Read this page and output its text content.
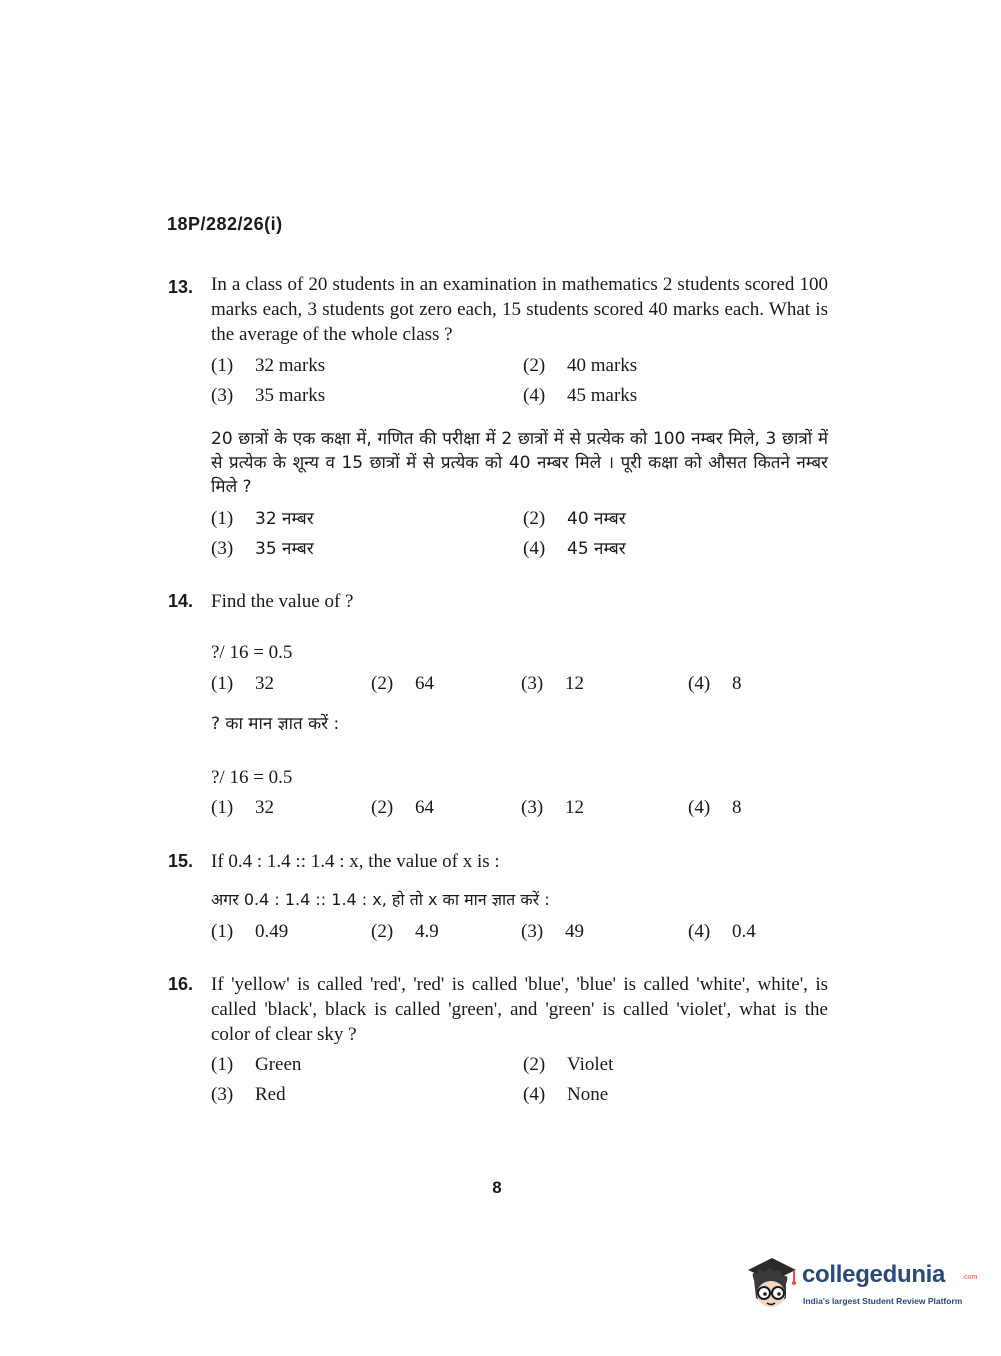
18P/282/26(i)
13. In a class of 20 students in an examination in mathematics 2 students scored 100 marks each, 3 students got zero each, 15 students scored 40 marks each. What is the average of the whole class ?
(1) 32 marks	(2) 40 marks
(3) 35 marks	(4) 45 marks
20 छात्रों के एक कक्षा में, गणित की परीक्षा में 2 छात्रों में से प्रत्येक को 100 नम्बर मिले, 3 छात्रों में से प्रत्येक के शून्य व 15 छात्रों में से प्रत्येक को 40 नम्बर मिले । पूरी कक्षा को औसत कितने नम्बर मिले ?
(1) 32 नम्बर	(2) 40 नम्बर
(3) 35 नम्बर	(4) 45 नम्बर
14. Find the value of ?
?/ 16 = 0.5
(1) 32	(2) 64	(3) 12	(4) 8
? का मान ज्ञात करें :
?/ 16 = 0.5
(1) 32	(2) 64	(3) 12	(4) 8
15. If 0.4 : 1.4 :: 1.4 : x, the value of x is :
अगर 0.4 : 1.4 :: 1.4 : x, हो तो x का मान ज्ञात करें :
(1) 0.49	(2) 4.9	(3) 49	(4) 0.4
16. If 'yellow' is called 'red', 'red' is called 'blue', 'blue' is called 'white', white', is called 'black', black is called 'green', and 'green' is called 'violet', what is the color of clear sky ?
(1) Green	(2) Violet
(3) Red	(4) None
8
collegedunia .com
India's largest Student Review Platform
